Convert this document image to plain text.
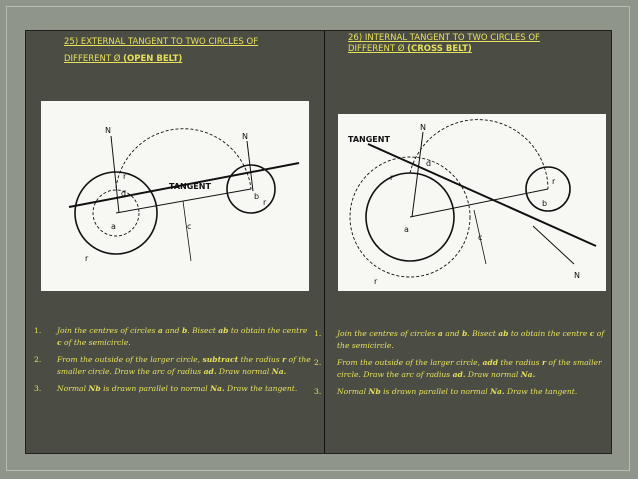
25) EXTERNAL TANGENT TO TWO CIRCLES OF
DIFFERENT Ø (OPEN BELT)
TANGENT
N
N
a
b
c
d
r
r
r
1. Join the centres of circles a and b. Bisect ab to obtain the centre c of the semicircle.
2. From the outside of the larger circle, subtract the radius r of the smaller circle. Draw the arc of radius ad. Draw normal Na.
3. Normal Nb is drawn parallel to normal Na. Draw the tangent.
26) INTERNAL TANGENT TO TWO CIRCLES OF
DIFFERENT Ø (CROSS BELT)
TANGENT
N
N
a
b
c
d
r
r
r
1. Join the centres of circles a and b. Bisect ab to obtain the centre c of the semicircle.
2. From the outside of the larger circle, add the radius r of the smaller circle. Draw the arc of radius ad. Draw normal Na.
3. Normal Nb is drawn parallel to normal Na. Draw the tangent.
